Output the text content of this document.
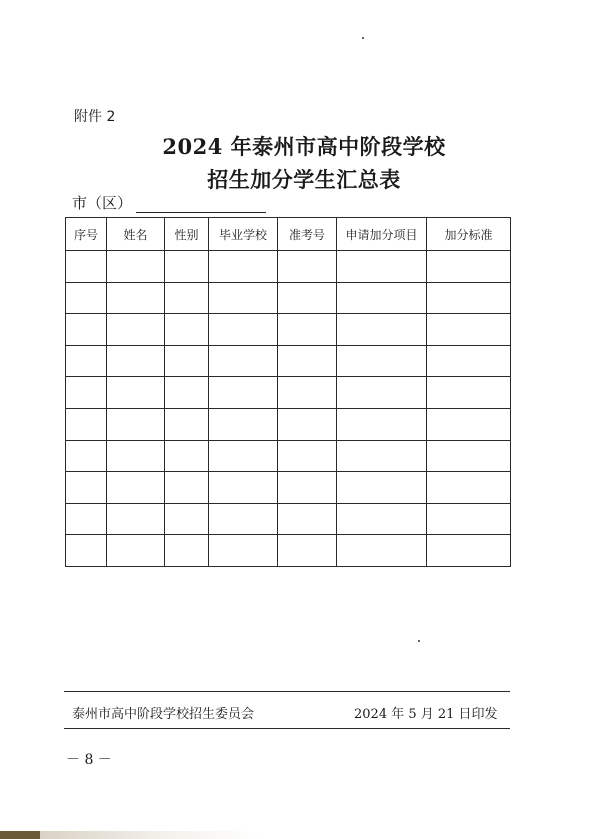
附件 2
2024 年泰州市高中阶段学校
招生加分学生汇总表
市（区）
序号	姓名	性别	毕业学校	准考号	申请加分项目	加分标准

泰州市高中阶段学校招生委员会	2024 年 5 月 21 日印发
－ 8 －
